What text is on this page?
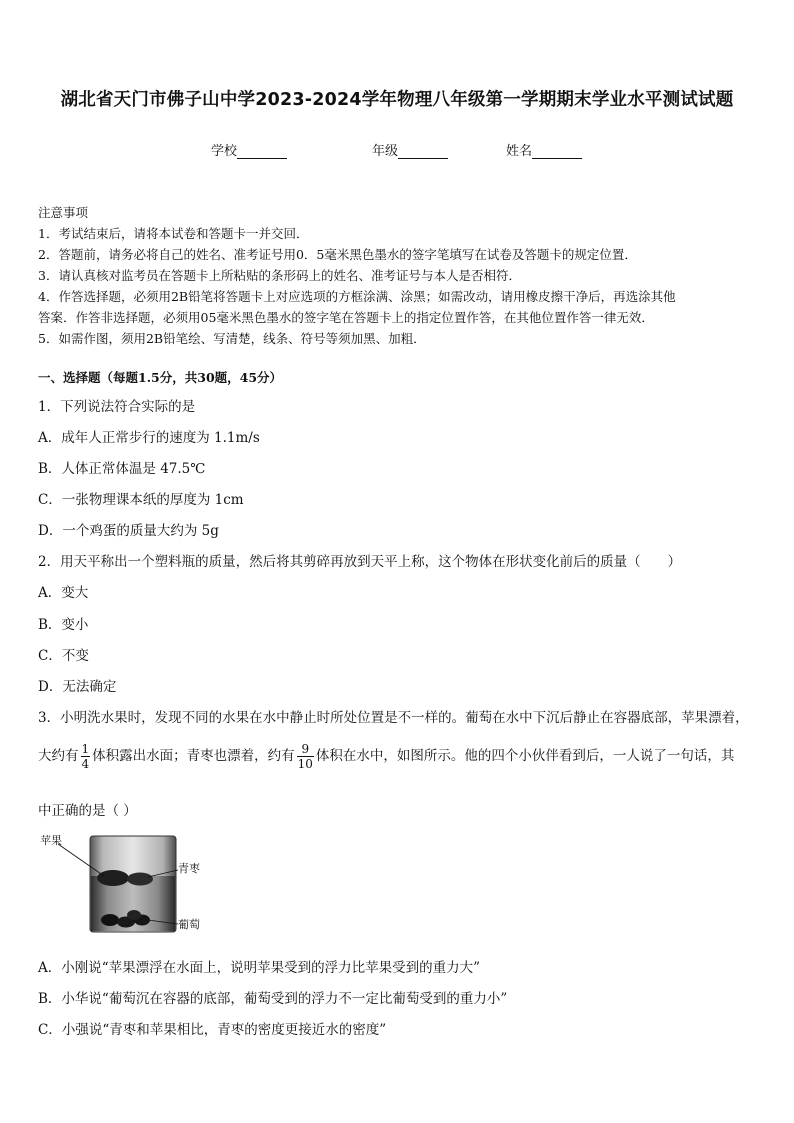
湖北省天门市佛子山中学2023-2024学年物理八年级第一学期期末学业水平测试试题
学校	年级	姓名
注意事项
1．考试结束后，请将本试卷和答题卡一并交回．
2．答题前，请务必将自己的姓名、准考证号用0．5毫米黑色墨水的签字笔填写在试卷及答题卡的规定位置．
3．请认真核对监考员在答题卡上所粘贴的条形码上的姓名、准考证号与本人是否相符．
4．作答选择题，必须用2B铅笔将答题卡上对应选项的方框涂满、涂黑；如需改动，请用橡皮擦干净后，再选涂其他
答案．作答非选择题，必须用05毫米黑色墨水的签字笔在答题卡上的指定位置作答，在其他位置作答一律无效．
5．如需作图，须用2B铅笔绘、写清楚，线条、符号等须加黑、加粗．
一、选择题（每题1.5分，共30题，45分）
1．下列说法符合实际的是
A．成年人正常步行的速度为 1.1m/s
B．人体正常体温是 47.5℃
C．一张物理课本纸的厚度为 1cm
D．一个鸡蛋的质量大约为 5g
2．用天平称出一个塑料瓶的质量，然后将其剪碎再放到天平上称，这个物体在形状变化前后的质量（　　）
A．变大
B．变小
C．不变
D．无法确定
3．小明洗水果时，发现不同的水果在水中静止时所处位置是不一样的。葡萄在水中下沉后静止在容器底部，苹果漂着，
大约有 $\frac{1}{4}$ 体积露出水面；青枣也漂着，约有 $\frac{9}{10}$ 体积在水中，如图所示。他的四个小伙伴看到后，一人说了一句话，其
中正确的是（ ）
苹果
青枣
葡萄
A．小刚说“苹果漂浮在水面上，说明苹果受到的浮力比苹果受到的重力大”
B．小华说“葡萄沉在容器的底部，葡萄受到的浮力不一定比葡萄受到的重力小”
C．小强说“青枣和苹果相比，青枣的密度更接近水的密度”
